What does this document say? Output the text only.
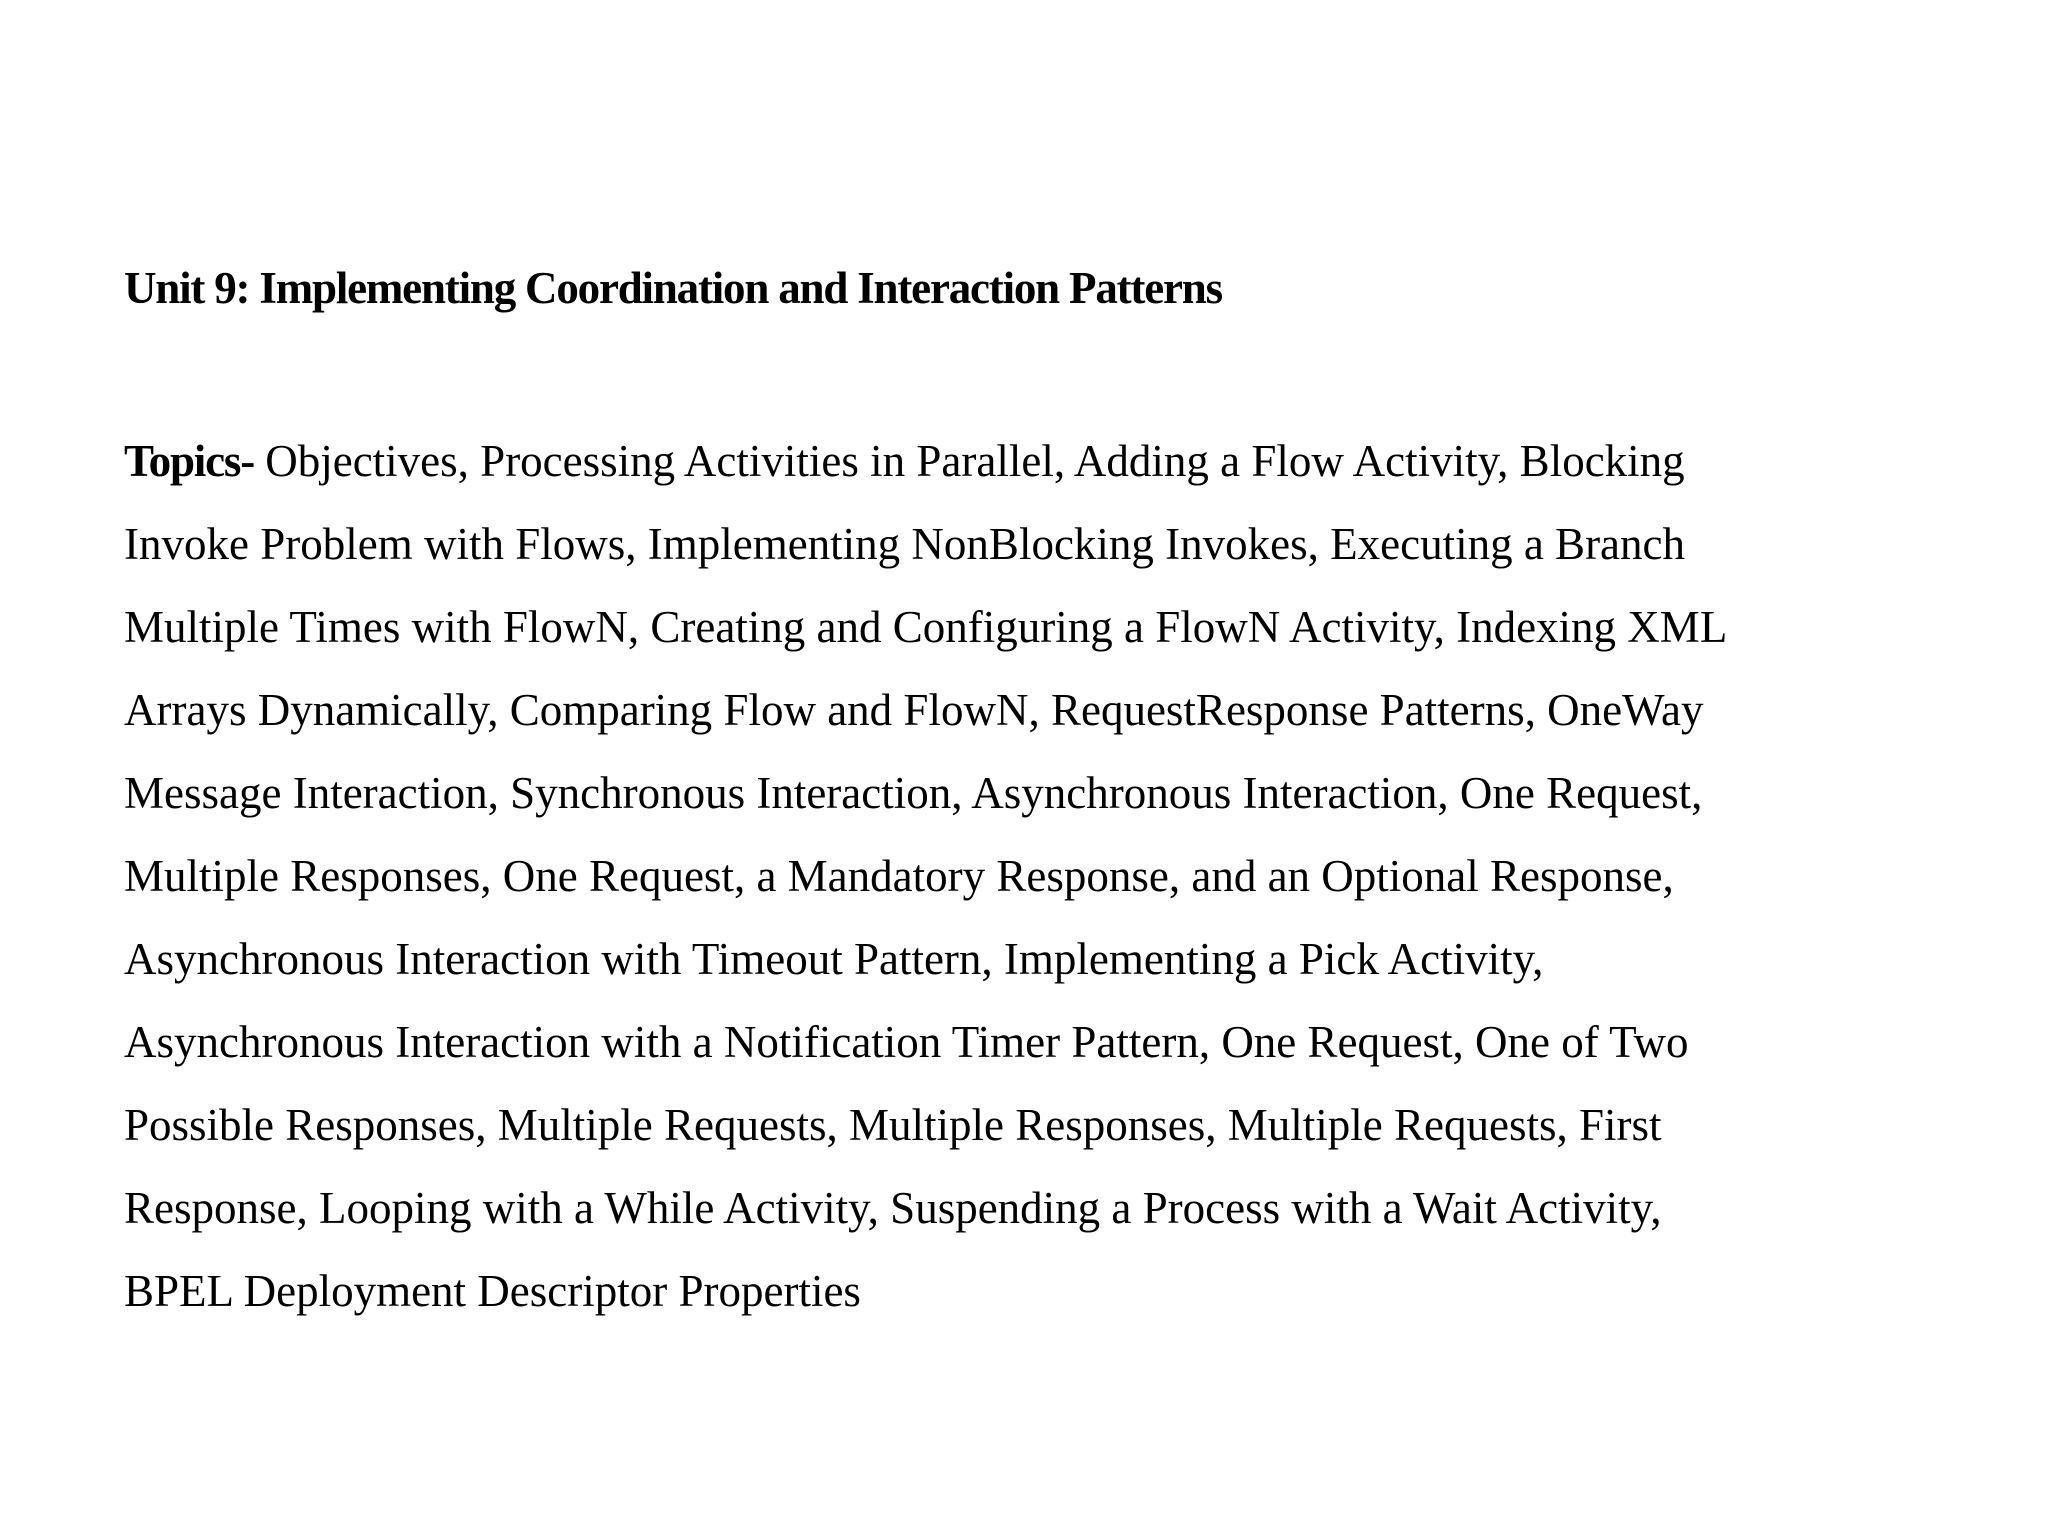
Unit 9: Implementing Coordination and Interaction Patterns

Topics- Objectives, Processing Activities in Parallel, Adding a Flow Activity, Blocking

Invoke Problem with Flows, Implementing NonBlocking Invokes, Executing a Branch

Multiple Times with FlowN, Creating and Configuring a FlowN Activity, Indexing XML

Arrays Dynamically, Comparing Flow and FlowN, RequestResponse Patterns, OneWay

Message Interaction, Synchronous Interaction, Asynchronous Interaction, One Request,

Multiple Responses, One Request, a Mandatory Response, and an Optional Response,

Asynchronous Interaction with Timeout Pattern, Implementing a Pick Activity,

Asynchronous Interaction with a Notification Timer Pattern, One Request, One of Two

Possible Responses, Multiple Requests, Multiple Responses, Multiple Requests, First

Response, Looping with a While Activity, Suspending a Process with a Wait Activity,

BPEL Deployment Descriptor Properties
